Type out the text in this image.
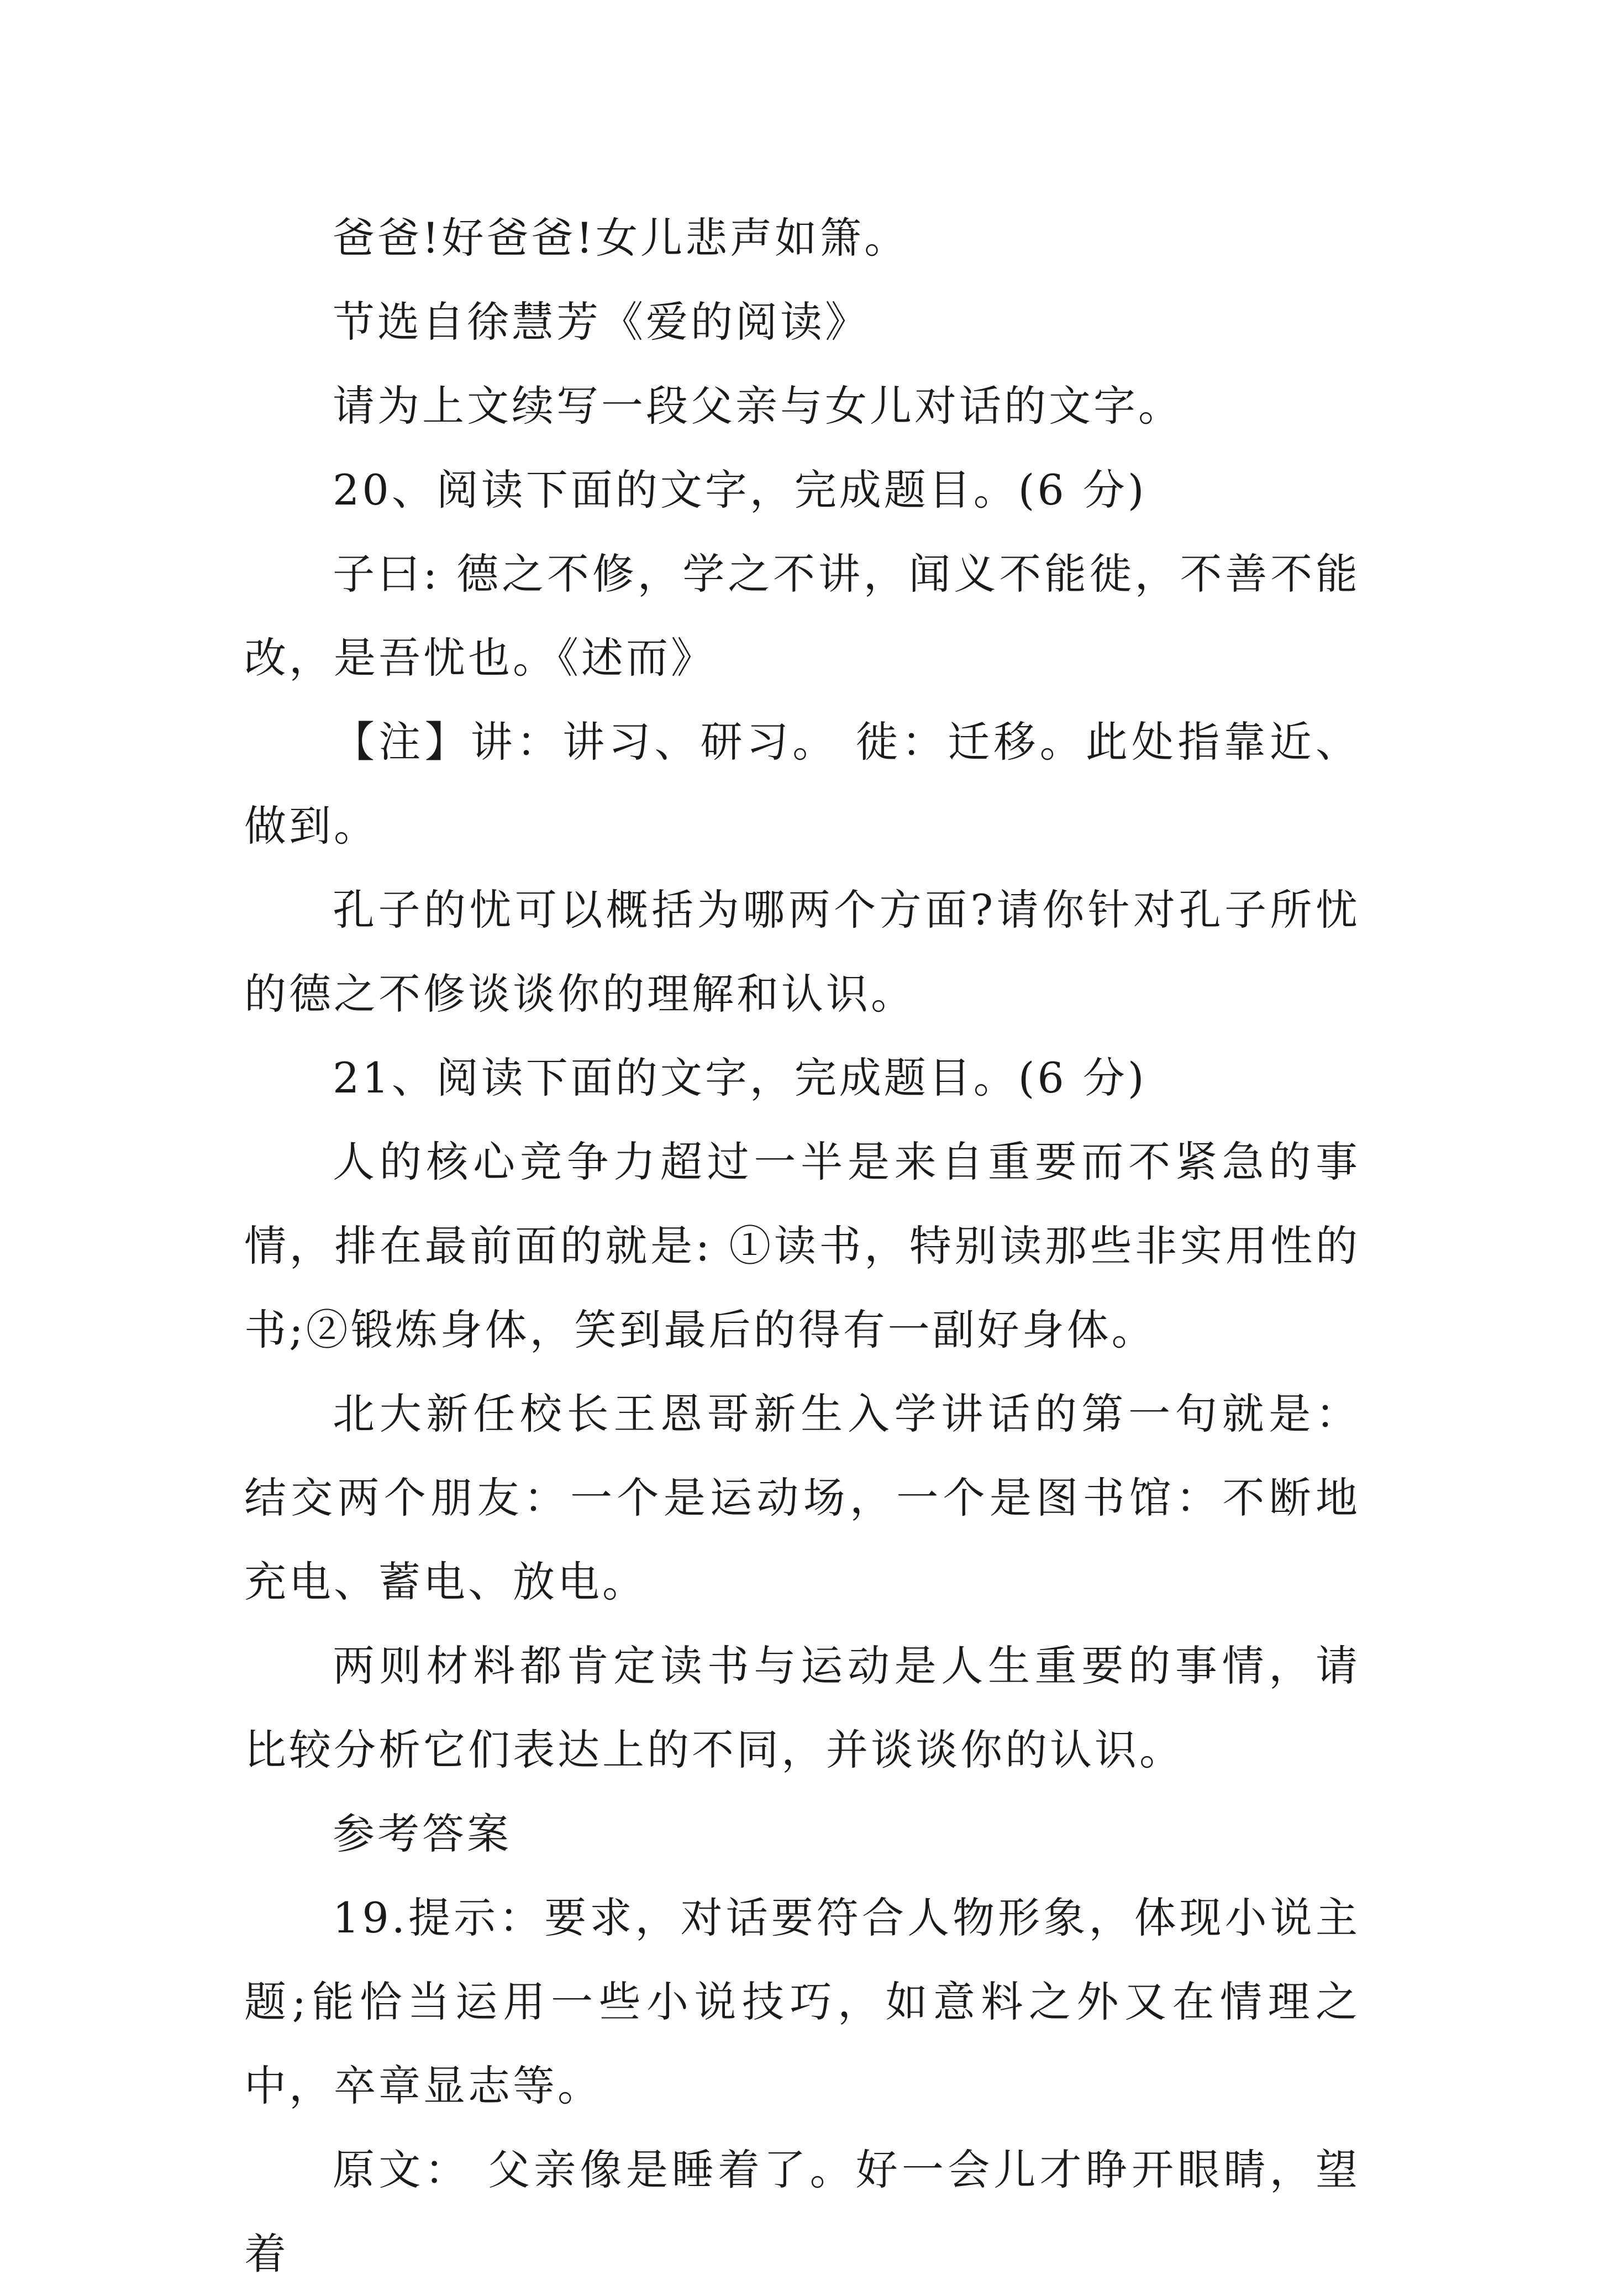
爸爸!好爸爸!女儿悲声如箫。

节选自徐慧芳《爱的阅读》

请为上文续写一段父亲与女儿对话的文字。

20、阅读下面的文字，完成题目。(6 分)

子曰: 德之不修，学之不讲，闻义不能徙，不善不能改，是吾忧也。《述而》

【注】讲：讲习、研习。 徙：迁移。此处指靠近、做到。

孔子的忧可以概括为哪两个方面?请你针对孔子所忧的德之不修谈谈你的理解和认识。

21、阅读下面的文字，完成题目。(6 分)

人的核心竞争力超过一半是来自重要而不紧急的事情，排在最前面的就是: ①读书，特别读那些非实用性的书;②锻炼身体，笑到最后的得有一副好身体。

北大新任校长王恩哥新生入学讲话的第一句就是：结交两个朋友：一个是运动场，一个是图书馆：不断地充电、蓄电、放电。

两则材料都肯定读书与运动是人生重要的事情，请比较分析它们表达上的不同，并谈谈你的认识。

参考答案

19.提示：要求，对话要符合人物形象，体现小说主题;能恰当运用一些小说技巧，如意料之外又在情理之中，卒章显志等。

原文： 父亲像是睡着了。好一会儿才睁开眼睛，望着
